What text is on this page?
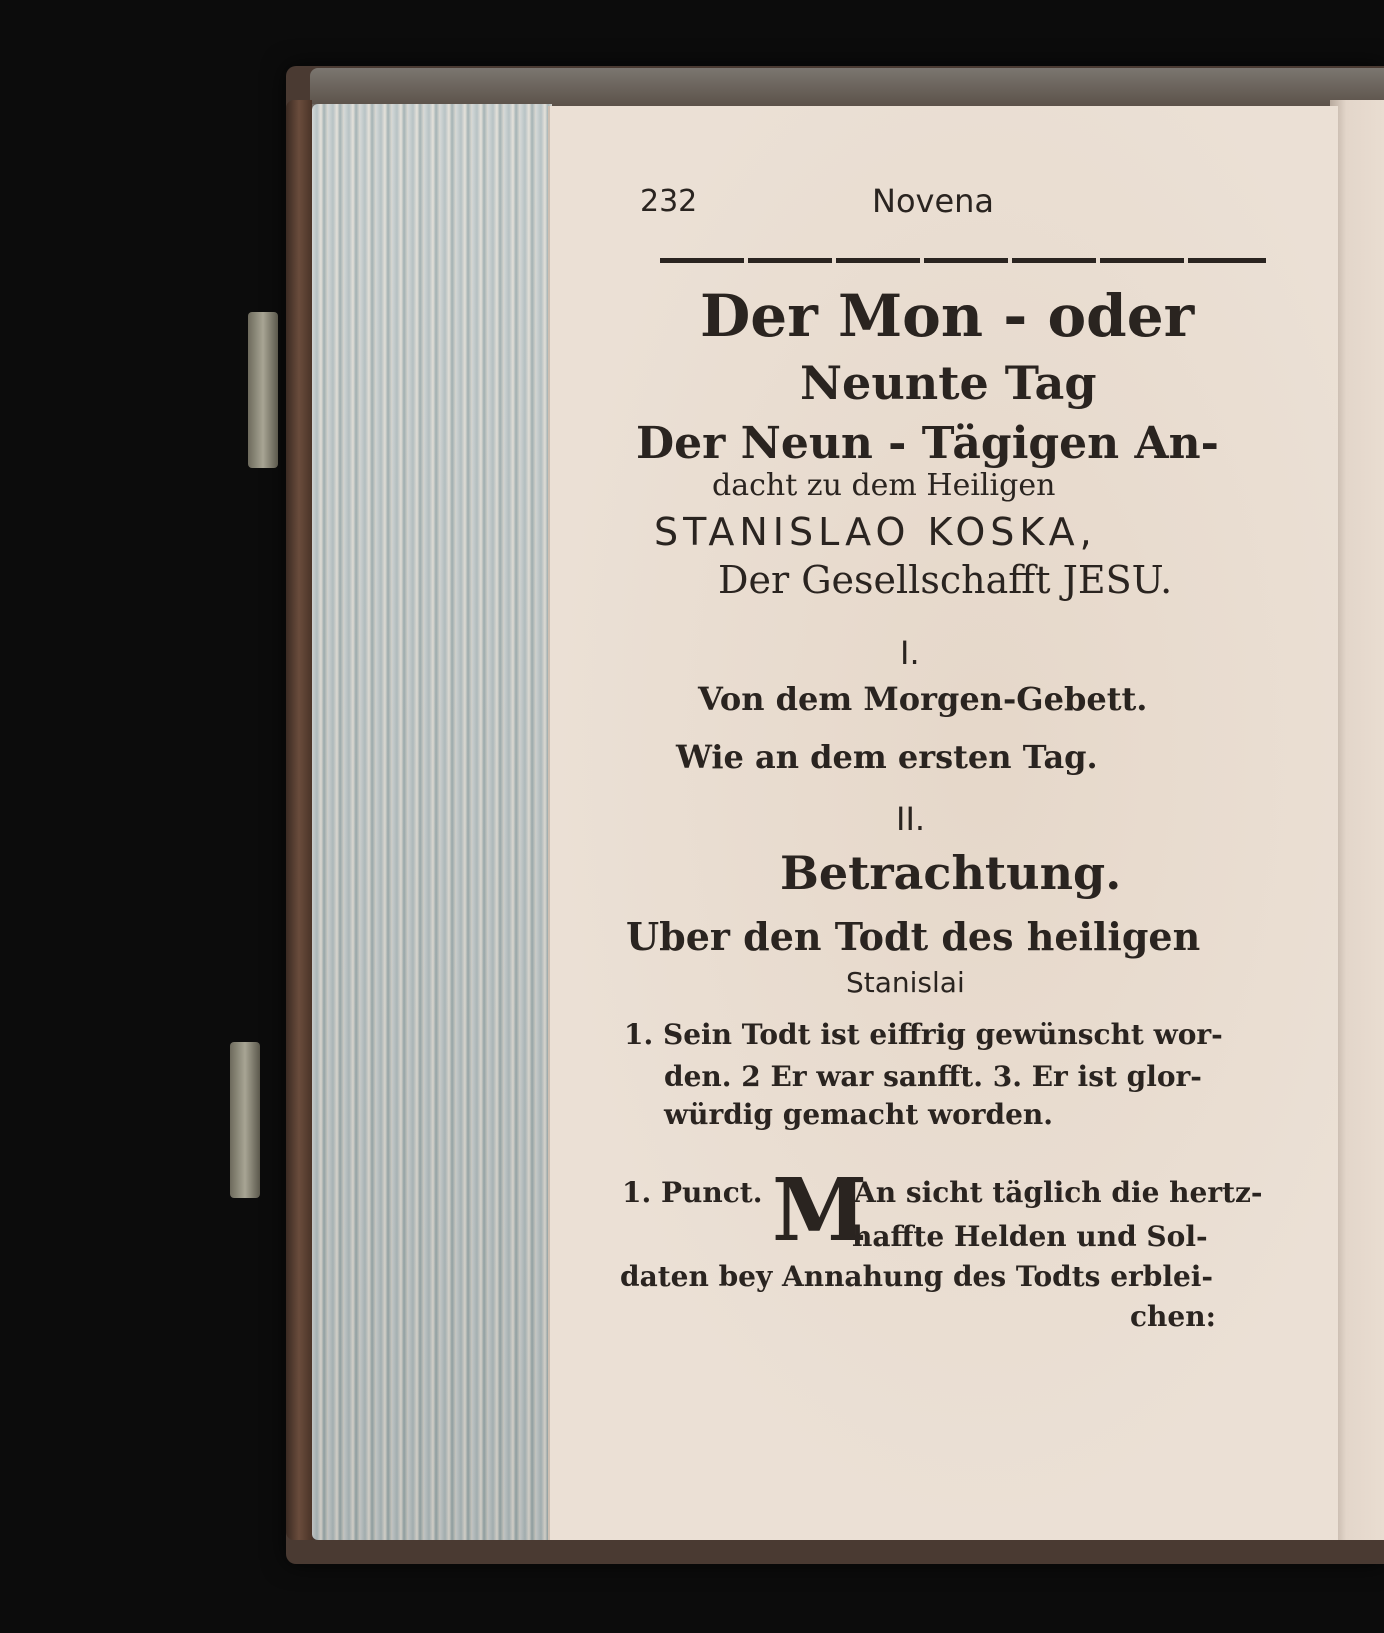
232	Novena
Der Mon - oder
Neunte Tag
Der Neun - Tägigen An-
dacht zu dem Heiligen
STANISLAO KOSKA,
Der Gesellschafft JESU.
I.
Von dem Morgen-Gebett.
Wie an dem ersten Tag.
II.
Betrachtung.
Uber den Todt des heiligen
Stanislai
1. Sein Todt ist eiffrig gewünscht wor-
den. 2 Er war sanfft. 3. Er ist glor-
würdig gemacht worden.
1. Punct. M
An sicht täglich die hertz-
haffte Helden und Sol-
daten bey Annahung des Todts erblei-
chen:
